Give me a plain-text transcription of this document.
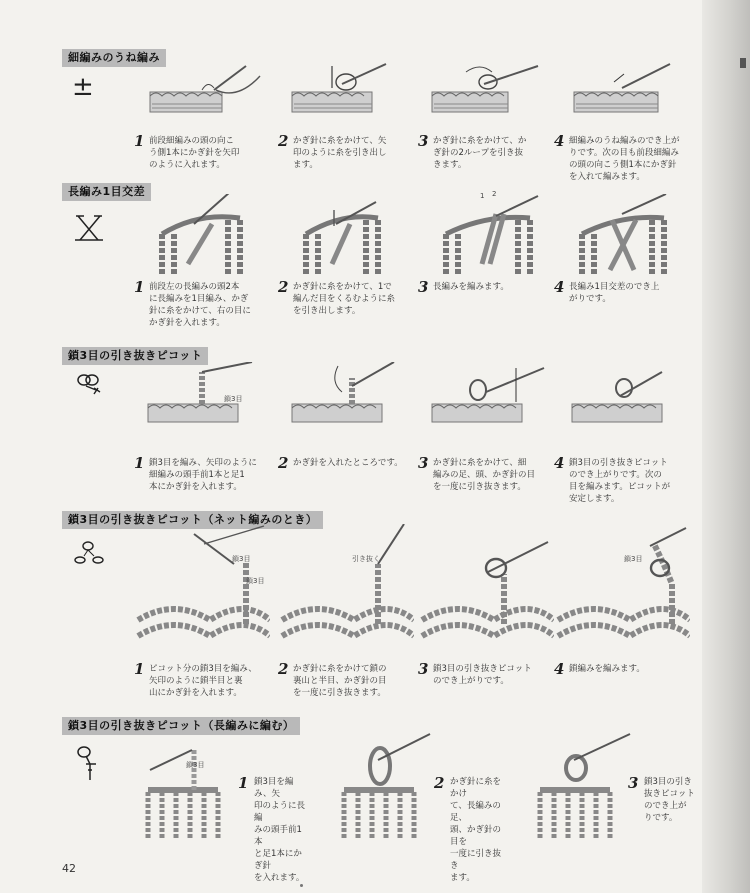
細編みのうね編み
±
1 前段細編みの頭の向こ
う側1本にかぎ針を矢印
のように入れます。
2 かぎ針に糸をかけて、矢
印のように糸を引き出し
ます。
3 かぎ針に糸をかけて、か
ぎ針の2ループを引き抜
きます。
4 細編みのうね編みのでき上が
りです。次の目も前段細編み
の頭の向こう側1本にかぎ針
を入れて編みます。
長編み1目交差
1 前段左の長編みの頭2本
に長編みを1目編み、かぎ
針に糸をかけて、右の目に
かぎ針を入れます。
2 かぎ針に糸をかけて、1で
編んだ目をくるむように糸
を引き出します。
1 2
3 長編みを編みます。	4 長編み1目交差のでき上
がりです。
鎖3目の引き抜きピコット
鎖3目
1 鎖3目を編み、矢印のように
細編みの頭手前1本と足1
本にかぎ針を入れます。
2 かぎ針を入れたところです。 3 かぎ針に糸をかけて、細
編みの足、頭、かぎ針の目
を一度に引き抜きます。
4 鎖3目の引き抜きピコット
のでき上がりです。次の
目を編みます。ピコットが
安定します。
鎖3目の引き抜きピコット（ネット編みのとき）
鎖3目
鎖3目
1 ピコット分の鎖3目を編み、
矢印のように鎖半目と裏
山にかぎ針を入れます。
引き抜く
2 かぎ針に糸をかけて鎖の
裏山と半目、かぎ針の目
を一度に引き抜きます。
3 鎖3目の引き抜きピコット
のでき上がりです。
鎖3目
4 鎖編みを編みます。
鎖3目の引き抜きピコット（長編みに編む）
鎖3目
1 鎖3目を編み、矢
印のように長編
みの頭手前1本
と足1本にかぎ針
を入れます。
2 かぎ針に糸をかけ
て、長編みの足、
頭、かぎ針の目を
一度に引き抜き
ます。
3 鎖3目の引き
抜きピコット
のでき上が
りです。
42
